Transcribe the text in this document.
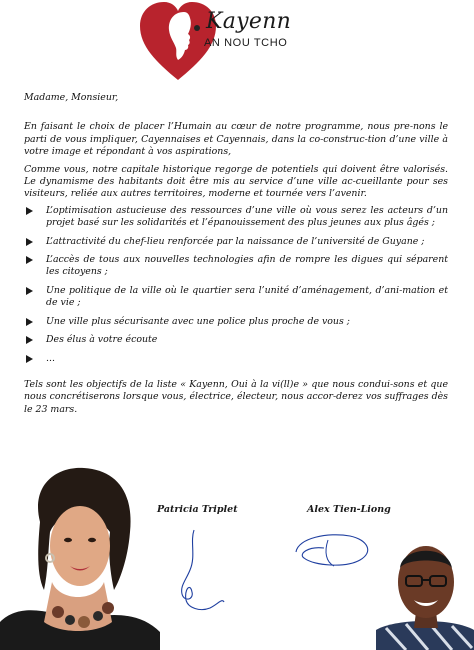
Kayenn
AN NOU TCHO

Madame, Monsieur,

En faisant le choix de placer l’Humain au cœur de notre programme, nous pre-nons le parti de vous impliquer, Cayennaises et Cayennais, dans la co-construc-tion d’une ville à votre image et répondant à vos aspirations,

Comme vous, notre capitale historique regorge de potentiels qui doivent être valorisés. Le dynamisme des habitants doit être mis au service d’une ville ac-cueillante pour ses visiteurs, reliée aux autres territoires, moderne et tournée vers l’avenir.

L’optimisation astucieuse des ressources d’une ville où vous serez les acteurs d’un projet basé sur les solidarités et l’épanouissement des plus jeunes aux plus âgés ;
L’attractivité du chef-lieu renforcée par la naissance de l’université de Guyane ;
L’accès de tous aux nouvelles technologies afin de rompre les digues qui séparent les citoyens ;
Une politique de la ville où le quartier sera l’unité d’aménagement, d’ani-mation et de vie ;
Une ville plus sécurisante avec une police plus proche de vous ;
Des élus à votre écoute
...

Tels sont les objectifs de la liste « Kayenn, Oui à la vi(ll)e » que nous condui-sons et que nous concrétiserons lorsque vous, électrice, électeur, nous accor-derez vos suffrages dès le 23 mars.

Patricia Triplet	Alex Tien-Liong
